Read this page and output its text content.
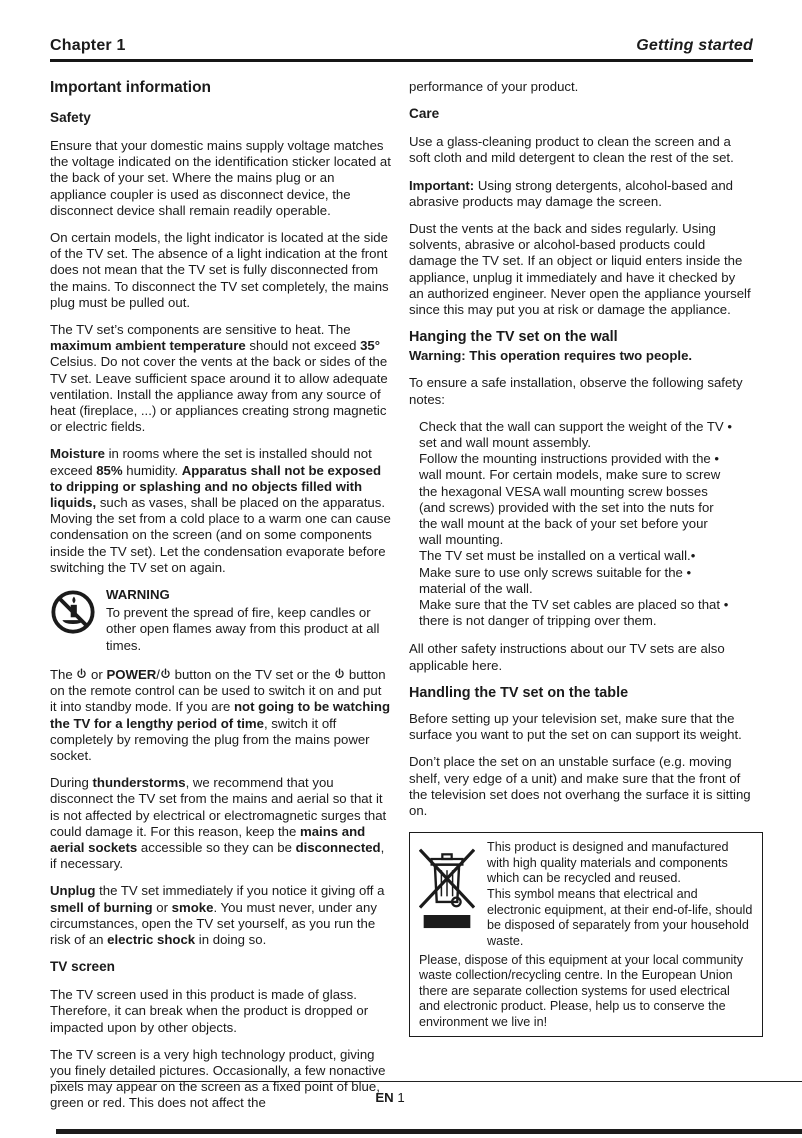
Chapter 1	Getting started
Important information
Safety

Ensure that your domestic mains supply voltage matches the voltage indicated on the identification sticker located at the back of your set. Where the mains plug or an appliance coupler is used as disconnect device, the disconnect device shall remain readily operable.

On certain models, the light indicator is located at the side of the TV set. The absence of a light indication at the front does not mean that the TV set is fully disconnected from the mains. To disconnect the TV set completely, the mains plug must be pulled out.

The TV set’s components are sensitive to heat. The maximum ambient temperature should not exceed 35° Celsius. Do not cover the vents at the back or sides of the TV set. Leave sufficient space around it to allow adequate ventilation. Install the appliance away from any source of heat (fireplace, ...) or appliances creating strong magnetic or electric fields.

Moisture in rooms where the set is installed should not exceed 85% humidity. Apparatus shall not be exposed to dripping or splashing and no objects filled with liquids, such as vases, shall be placed on the apparatus. Moving the set from a cold place to a warm one can cause condensation on the screen (and on some components inside the TV set). Let the condensation evaporate before switching the TV set on again.

WARNING

To prevent the spread of fire, keep candles or other open flames away from this product at all times.

The  or POWER/ button on the TV set or the  button on the remote control can be used to switch it on and put it into standby mode. If you are not going to be watching the TV for a lengthy period of time, switch it off completely by removing the plug from the mains power socket.

During thunderstorms, we recommend that you disconnect the TV set from the mains and aerial so that it is not affected by electrical or electromagnetic surges that could damage it. For this reason, keep the mains and aerial sockets accessible so they can be disconnected, if necessary.

Unplug the TV set immediately if you notice it giving off a smell of burning or smoke. You must never, under any circumstances, open the TV set yourself, as you run the risk of an electric shock in doing so.

TV screen

The TV screen used in this product is made of glass. Therefore, it can break when the product is dropped or impacted upon by other objects.

The TV screen is a very high technology product, giving you finely detailed pictures. Occasionally, a few nonactive pixels may appear on the screen as a fixed point of blue, green or red. This does not affect the

performance of your product.

Care

Use a glass-cleaning product to clean the screen and a soft cloth and mild detergent to clean the rest of the set.

Important: Using strong detergents, alcohol-based and abrasive products may damage the screen.

Dust the vents at the back and sides regularly. Using solvents, abrasive or alcohol-based products could damage the TV set. If an object or liquid enters inside the appliance, unplug it immediately and have it checked by an authorized engineer. Never open the appliance yourself since this may put you at risk or damage the appliance.

Hanging the TV set on the wall

Warning: This operation requires two people.

To ensure a safe installation, observe the following safety notes:

Check that the wall can support the weight of the TV •
set and wall mount assembly.
Follow the mounting instructions provided with the •
wall mount. For certain models, make sure to screw
the hexagonal VESA wall mounting screw bosses
(and screws) provided with the set into the nuts for
the wall mount at the back of your set before your
wall mounting.
The TV set must be installed on a vertical wall.•
Make sure to use only screws suitable for the •
material of the wall.
Make sure that the TV set cables are placed so that •
there is not danger of tripping over them.

All other safety instructions about our TV sets are also applicable here.

Handling the TV set on the table

Before setting up your television set, make sure that the surface you want to put the set on can support its weight.

Don’t place the set on an unstable surface (e.g. moving shelf, very edge of a unit) and make sure that the front of the television set does not overhang the surface it is sitting on.

This product is designed and manufactured with high quality materials and components which can be recycled and reused.

This symbol means that electrical and electronic equipment, at their end-of-life, should be disposed of separately from your household waste.

Please, dispose of this equipment at your local community waste collection/recycling centre. In the European Union there are separate collection systems for used electrical and electronic product. Please, help us to conserve the environment we live in!

EN 1
